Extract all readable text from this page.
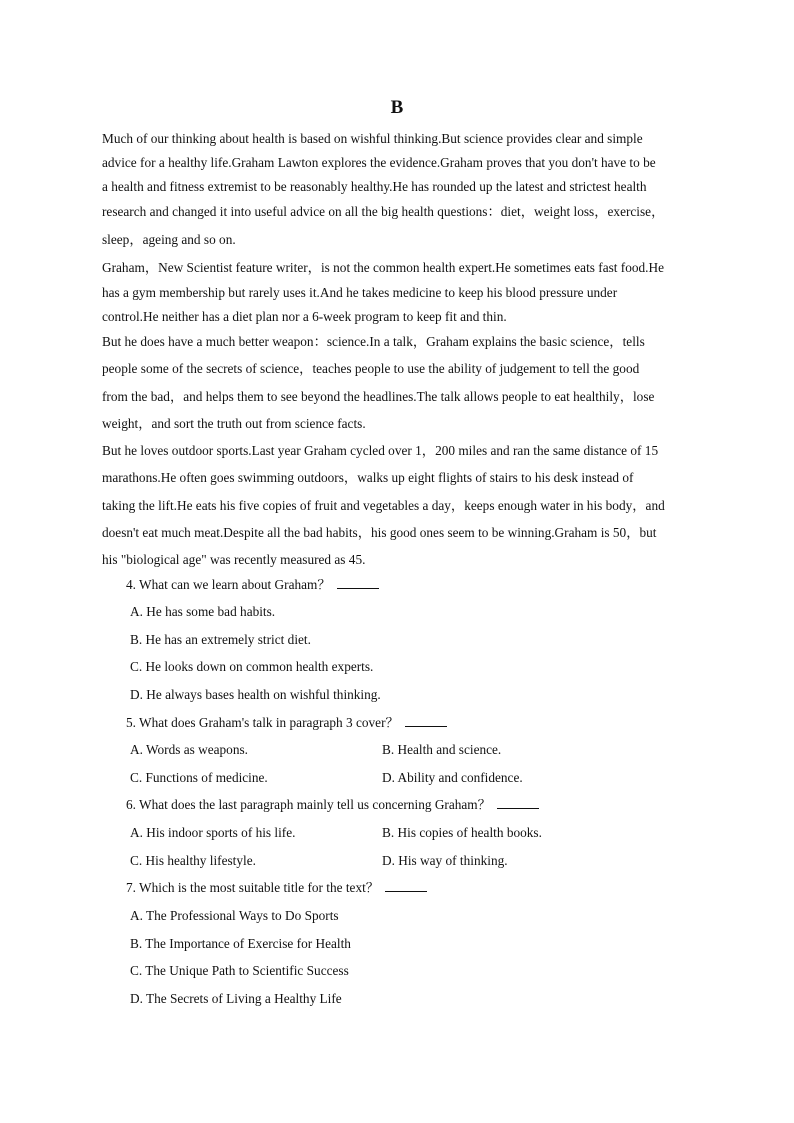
B
Much of our thinking about health is based on wishful thinking.But science provides clear and simple
advice for a healthy life.Graham Lawton explores the evidence.Graham proves that you don't have to be
a health and fitness extremist to be reasonably healthy.He has rounded up the latest and strictest health
research and changed it into useful advice on all the big health questions：diet，weight loss，exercise，
sleep，ageing and so on.
Graham，New Scientist feature writer，is not the common health expert.He sometimes eats fast food.He
has a gym membership but rarely uses it.And he takes medicine to keep his blood pressure under
control.He neither has a diet plan nor a 6-week program to keep fit and thin.
But he does have a much better weapon：science.In a talk，Graham explains the basic science，tells
people some of the secrets of science，teaches people to use the ability of judgement to tell the good
from the bad，and helps them to see beyond the headlines.The talk allows people to eat healthily，lose
weight，and sort the truth out from science facts.
But he loves outdoor sports.Last year Graham cycled over 1，200 miles and ran the same distance of 15
marathons.He often goes swimming outdoors，walks up eight flights of stairs to his desk instead of
taking the lift.He eats his five copies of fruit and vegetables a day，keeps enough water in his body，and
doesn't eat much meat.Despite all the bad habits，his good ones seem to be winning.Graham is 50，but
his "biological age" was recently measured as 45.
4. What can we learn about Graham？
A. He has some bad habits.
B. He has an extremely strict diet.
C. He looks down on common health experts.
D. He always bases health on wishful thinking.
5. What does Graham's talk in paragraph 3 cover？
A. Words as weapons.	B. Health and science.
C. Functions of medicine.	D. Ability and confidence.
6. What does the last paragraph mainly tell us concerning Graham？
A. His indoor sports of his life.	B. His copies of health books.
C. His healthy lifestyle.	D. His way of thinking.
7. Which is the most suitable title for the text？
A. The Professional Ways to Do Sports
B. The Importance of Exercise for Health
C. The Unique Path to Scientific Success
D. The Secrets of Living a Healthy Life
